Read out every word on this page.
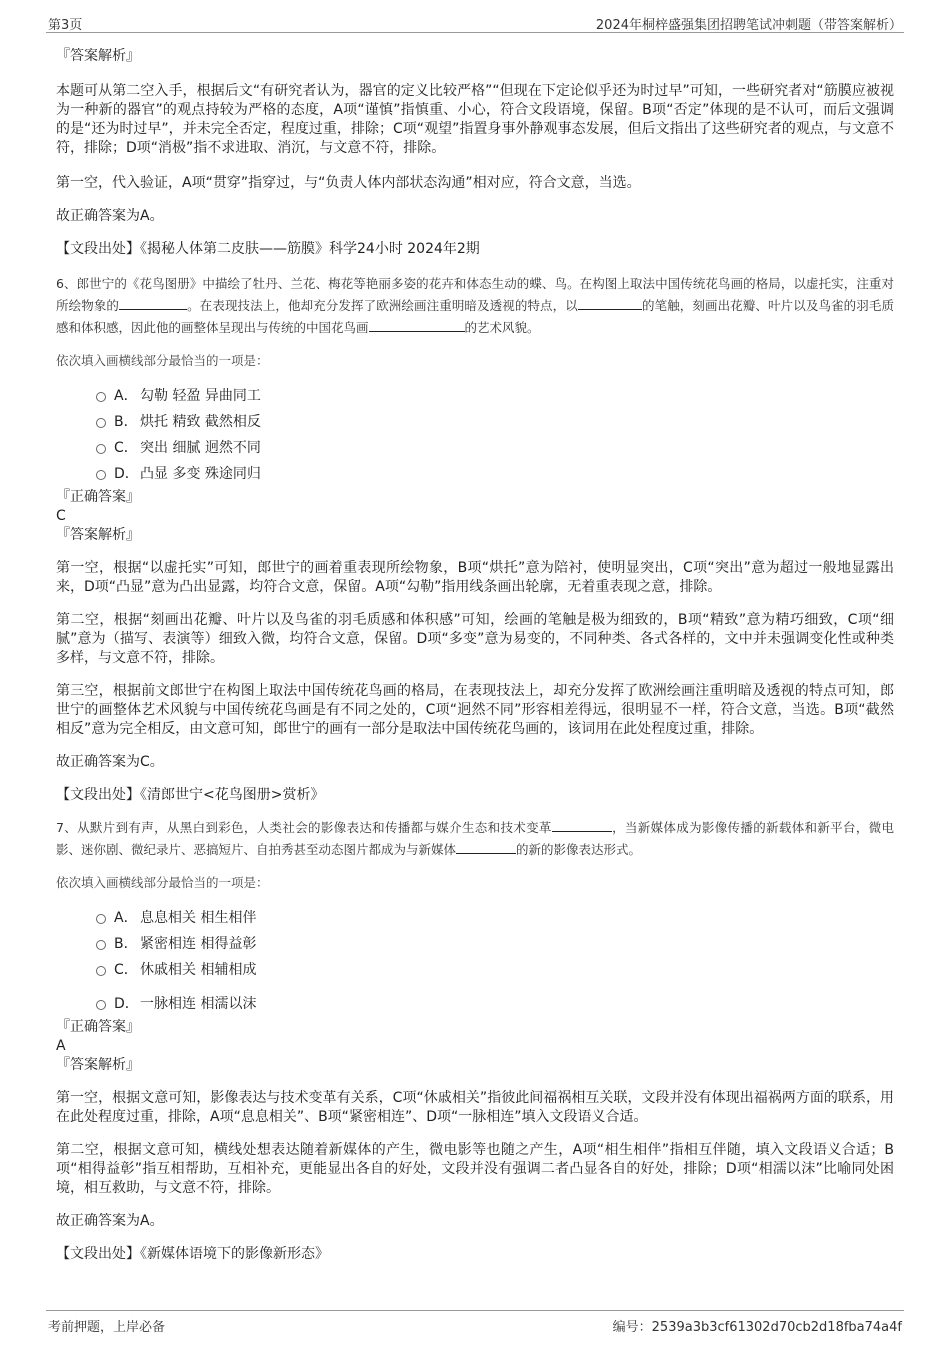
第3页	2024年桐梓盛强集团招聘笔试冲刺题（带答案解析）

『答案解析』

本题可从第二空入手，根据后文“有研究者认为，器官的定义比较严格”“但现在下定论似乎还为时过早”可知，一些研究者对“筋膜应被视为一种新的器官”的观点持较为严格的态度，A项“谨慎”指慎重、小心，符合文段语境，保留。B项“否定”体现的是不认可，而后文强调的是“还为时过早”，并未完全否定，程度过重，排除；C项“观望”指置身事外静观事态发展，但后文指出了这些研究者的观点，与文意不符，排除；D项“消极”指不求进取、消沉，与文意不符，排除。

第一空，代入验证，A项“贯穿”指穿过，与“负责人体内部状态沟通”相对应，符合文意，当选。

故正确答案为A。

【文段出处】《揭秘人体第二皮肤——筋膜》科学24小时 2024年2期

6、郎世宁的《花鸟图册》中描绘了牡丹、兰花、梅花等艳丽多姿的花卉和体态生动的蝶、鸟。在构图上取法中国传统花鸟画的格局，以虚托实，注重对所绘物象的	。在表现技法上，他却充分发挥了欧洲绘画注重明暗及透视的特点，以	的笔触，刻画出花瓣、叶片以及鸟雀的羽毛质感和体积感，因此他的画整体呈现出与传统的中国花鸟画	的艺术风貌。

依次填入画横线部分最恰当的一项是：

A． 勾勒 轻盈 异曲同工
B． 烘托 精致 截然相反
C． 突出 细腻 迥然不同
D．凸显 多变 殊途同归

『正确答案』

C

『答案解析』

第一空，根据“以虚托实”可知，郎世宁的画着重表现所绘物象，B项“烘托”意为陪衬，使明显突出，C项“突出”意为超过一般地显露出来，D项“凸显”意为凸出显露，均符合文意，保留。A项“勾勒”指用线条画出轮廓，无着重表现之意，排除。

第二空，根据“刻画出花瓣、叶片以及鸟雀的羽毛质感和体积感”可知，绘画的笔触是极为细致的，B项“精致”意为精巧细致，C项“细腻”意为（描写、表演等）细致入微，均符合文意，保留。D项“多变”意为易变的，不同种类、各式各样的，文中并未强调变化性或种类多样，与文意不符，排除。

第三空，根据前文郎世宁在构图上取法中国传统花鸟画的格局，在表现技法上，却充分发挥了欧洲绘画注重明暗及透视的特点可知，郎世宁的画整体艺术风貌与中国传统花鸟画是有不同之处的，C项“迥然不同”形容相差得远，很明显不一样，符合文意，当选。B项“截然相反”意为完全相反，由文意可知，郎世宁的画有一部分是取法中国传统花鸟画的，该词用在此处程度过重，排除。

故正确答案为C。

【文段出处】《清郎世宁<花鸟图册>赏析》

7、从默片到有声，从黑白到彩色，人类社会的影像表达和传播都与媒介生态和技术变革	，当新媒体成为影像传播的新载体和新平台，微电影、迷你剧、微纪录片、恶搞短片、自拍秀甚至动态图片都成为与新媒体	的新的影像表达形式。

依次填入画横线部分最恰当的一项是：

A． 息息相关 相生相伴
B． 紧密相连 相得益彰
C． 休戚相关 相辅相成
D．一脉相连 相濡以沫

『正确答案』

A

『答案解析』

第一空，根据文意可知，影像表达与技术变革有关系，C项“休戚相关”指彼此间福祸相互关联，文段并没有体现出福祸两方面的联系，用在此处程度过重，排除，A项“息息相关”、B项“紧密相连”、D项“一脉相连”填入文段语义合适。

第二空，根据文意可知，横线处想表达随着新媒体的产生，微电影等也随之产生，A项“相生相伴”指相互伴随，填入文段语义合适；B项“相得益彰”指互相帮助，互相补充，更能显出各自的好处，文段并没有强调二者凸显各自的好处，排除；D项“相濡以沫”比喻同处困境，相互救助，与文意不符，排除。

故正确答案为A。

【文段出处】《新媒体语境下的影像新形态》

考前押题，上岸必备	编号：2539a3b3cf61302d70cb2d18fba74a4f
